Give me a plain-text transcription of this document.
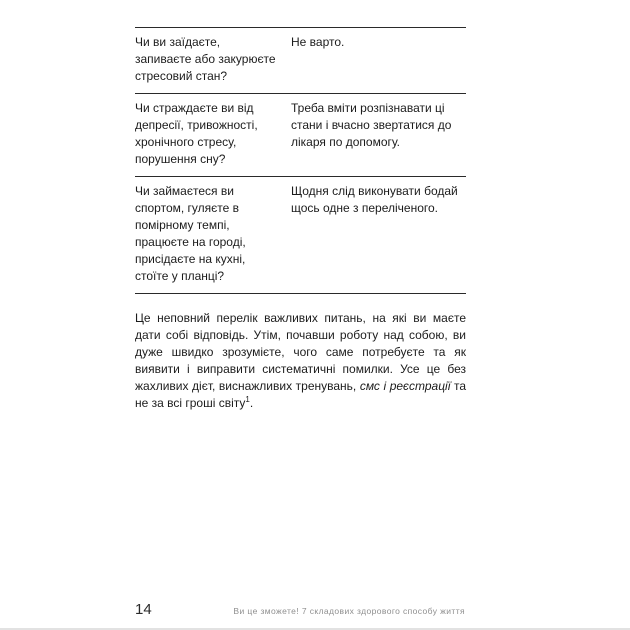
Чи ви заїдаєте, запиваєте або закурюєте стресовий стан?
Не варто.
Чи страждаєте ви від депресії, тривожності, хронічного стресу, порушення сну?
Треба вміти розпізнавати ці стани і вчасно звертатися до лікаря по допомогу.
Чи займаєтеся ви спортом, гуляєте в помірному темпі, працюєте на городі, присідаєте на кухні, стоїте у планці?
Щодня слід виконувати бодай щось одне з переліченого.

Це неповний перелік важливих питань, на які ви маєте дати собі відповідь. Утім, почавши роботу над собою, ви дуже швидко зрозумієте, чого саме потребуєте та як виявити і виправити систематичні помилки. Усе це без жахливих дієт, виснажливих тренувань, смс і реєстрації та не за всі гроші світу$^1$.

14	Ви це зможете! 7 складових здорового способу життя
